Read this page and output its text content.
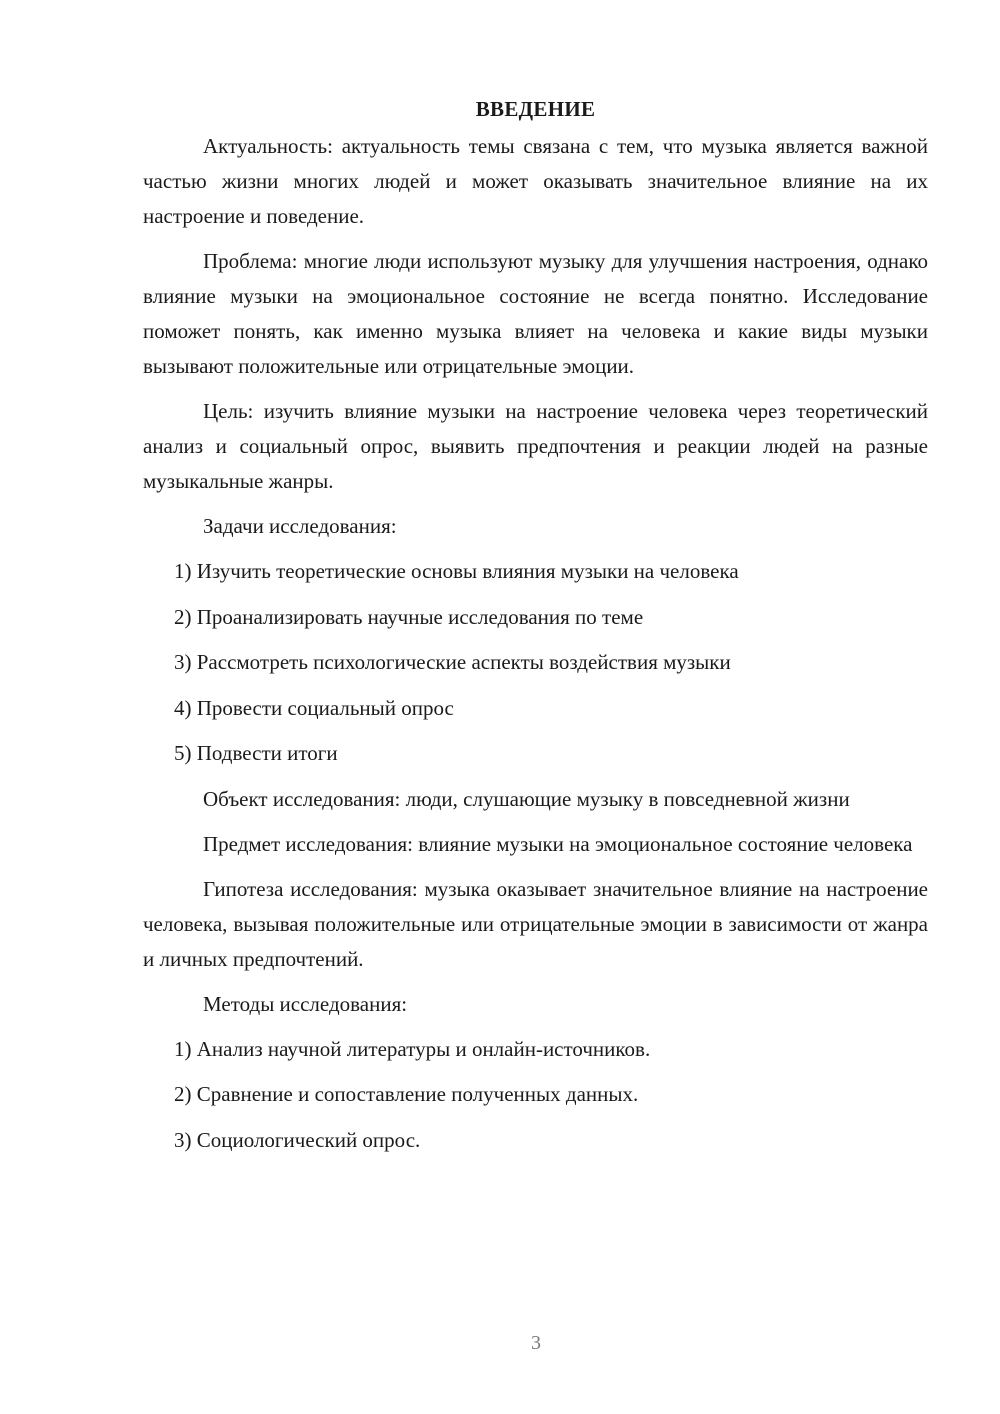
ВВЕДЕНИЕ

Актуальность: актуальность темы связана с тем, что музыка является важной частью жизни многих людей и может оказывать значительное влияние на их настроение и поведение.

Проблема: многие люди используют музыку для улучшения настроения, однако влияние музыки на эмоциональное состояние не всегда понятно. Исследование поможет понять, как именно музыка влияет на человека и какие виды музыки вызывают положительные или отрицательные эмоции.

Цель: изучить влияние музыки на настроение человека через теоретический анализ и социальный опрос, выявить предпочтения и реакции людей на разные музыкальные жанры.

Задачи исследования:

1) Изучить теоретические основы влияния музыки на человека
2) Проанализировать научные исследования по теме
3) Рассмотреть психологические аспекты воздействия музыки
4) Провести социальный опрос
5) Подвести итоги

Объект исследования: люди, слушающие музыку в повседневной жизни

Предмет исследования: влияние музыки на эмоциональное состояние человека

Гипотеза исследования: музыка оказывает значительное влияние на настроение человека, вызывая положительные или отрицательные эмоции в зависимости от жанра и личных предпочтений.

Методы исследования:

1) Анализ научной литературы и онлайн-источников.
2) Сравнение и сопоставление полученных данных.
3) Социологический опрос.
3
